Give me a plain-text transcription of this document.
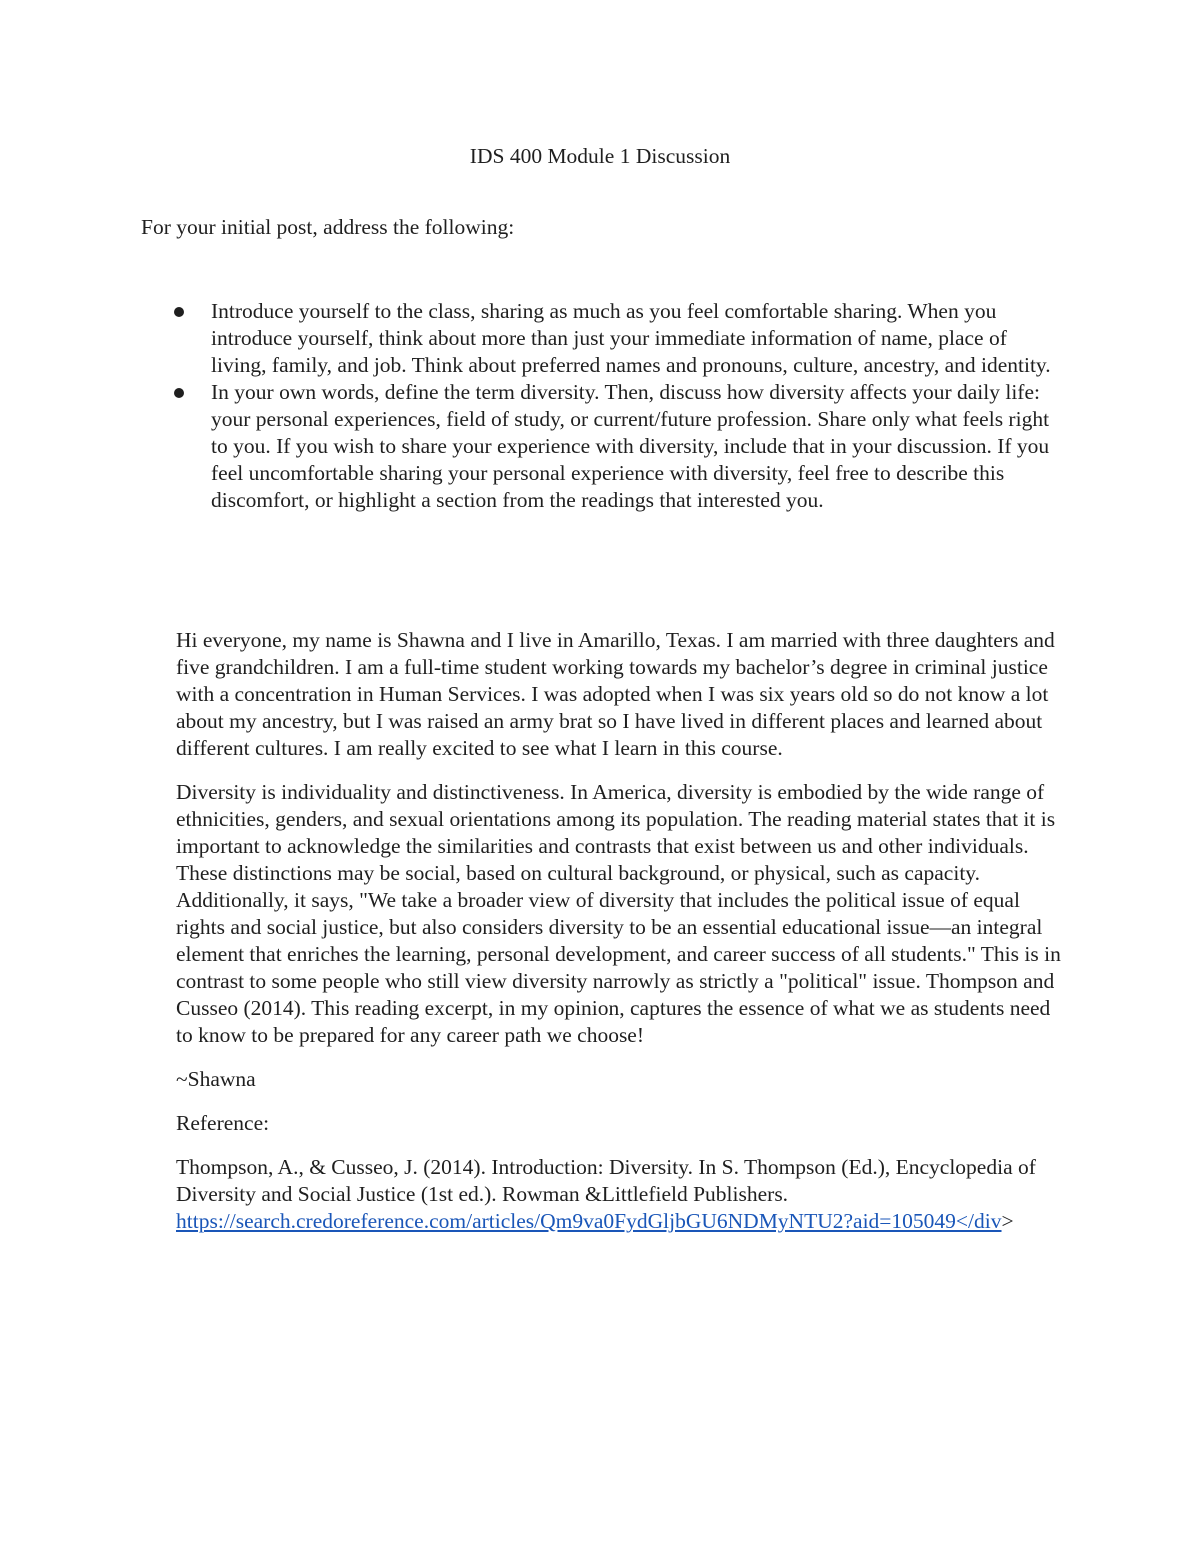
IDS 400 Module 1 Discussion
For your initial post, address the following:
Introduce yourself to the class, sharing as much as you feel comfortable sharing. When you introduce yourself, think about more than just your immediate information of name, place of living, family, and job. Think about preferred names and pronouns, culture, ancestry, and identity.
In your own words, define the term diversity. Then, discuss how diversity affects your daily life: your personal experiences, field of study, or current/future profession. Share only what feels right to you. If you wish to share your experience with diversity, include that in your discussion. If you feel uncomfortable sharing your personal experience with diversity, feel free to describe this discomfort, or highlight a section from the readings that interested you.

Hi everyone, my name is Shawna and I live in Amarillo, Texas. I am married with three daughters and five grandchildren. I am a full-time student working towards my bachelor’s degree in criminal justice with a concentration in Human Services. I was adopted when I was six years old so do not know a lot about my ancestry, but I was raised an army brat so I have lived in different places and learned about different cultures. I am really excited to see what I learn in this course.

Diversity is individuality and distinctiveness. In America, diversity is embodied by the wide range of ethnicities, genders, and sexual orientations among its population. The reading material states that it is important to acknowledge the similarities and contrasts that exist between us and other individuals. These distinctions may be social, based on cultural background, or physical, such as capacity. Additionally, it says, "We take a broader view of diversity that includes the political issue of equal rights and social justice, but also considers diversity to be an essential educational issue—an integral element that enriches the learning, personal development, and career success of all students." This is in contrast to some people who still view diversity narrowly as strictly a "political" issue. Thompson and Cusseo (2014). This reading excerpt, in my opinion, captures the essence of what we as students need to know to be prepared for any career path we choose!

~Shawna

Reference:

Thompson, A., & Cusseo, J. (2014). Introduction: Diversity. In S. Thompson (Ed.), Encyclopedia of Diversity and Social Justice (1st ed.). Rowman &Littlefield Publishers.
https://search.credoreference.com/articles/Qm9va0FydGljbGU6NDMyNTU2?aid=105049</div>
